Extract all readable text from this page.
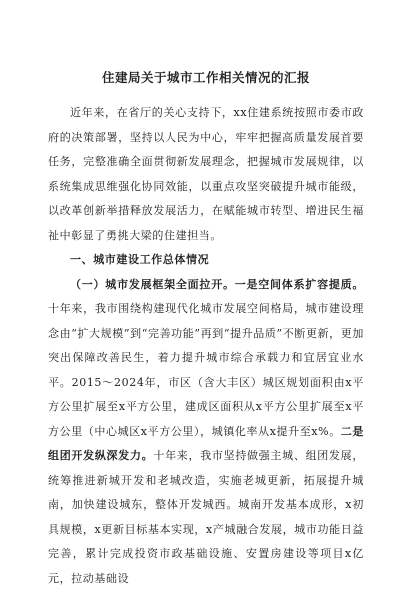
住建局关于城市工作相关情况的汇报

近年来，在省厅的关心支持下，xx住建系统按照市委市政府的决策部署，坚持以人民为中心，牢牢把握高质量发展首要任务，完整准确全面贯彻新发展理念，把握城市发展规律，以系统集成思维强化协同效能，以重点攻坚突破提升城市能级，以改革创新举措释放发展活力，在赋能城市转型、增进民生福祉中彰显了勇挑大梁的住建担当。

一、城市建设工作总体情况

（一）城市发展框架全面拉开。一是空间体系扩容提质。十年来，我市围绕构建现代化城市发展空间格局，城市建设理念由“扩大规模”到“完善功能”再到“提升品质”不断更新，更加突出保障改善民生，着力提升城市综合承载力和宜居宜业水平。2015～2024年，市区（含大丰区）城区规划面积由x平方公里扩展至x平方公里，建成区面积从x平方公里扩展至x平方公里（中心城区x平方公里），城镇化率从x提升至x%。二是组团开发纵深发力。十年来，我市坚持做强主城、组团发展，统筹推进新城开发和老城改造，实施老城更新，拓展提升城南，加快建设城东，整体开发城西。城南开发基本成形，x初具规模，x更新目标基本实现，x产城融合发展，城市功能日益完善，累计完成投资市政基础设施、安置房建设等项目x亿元，拉动基础设
